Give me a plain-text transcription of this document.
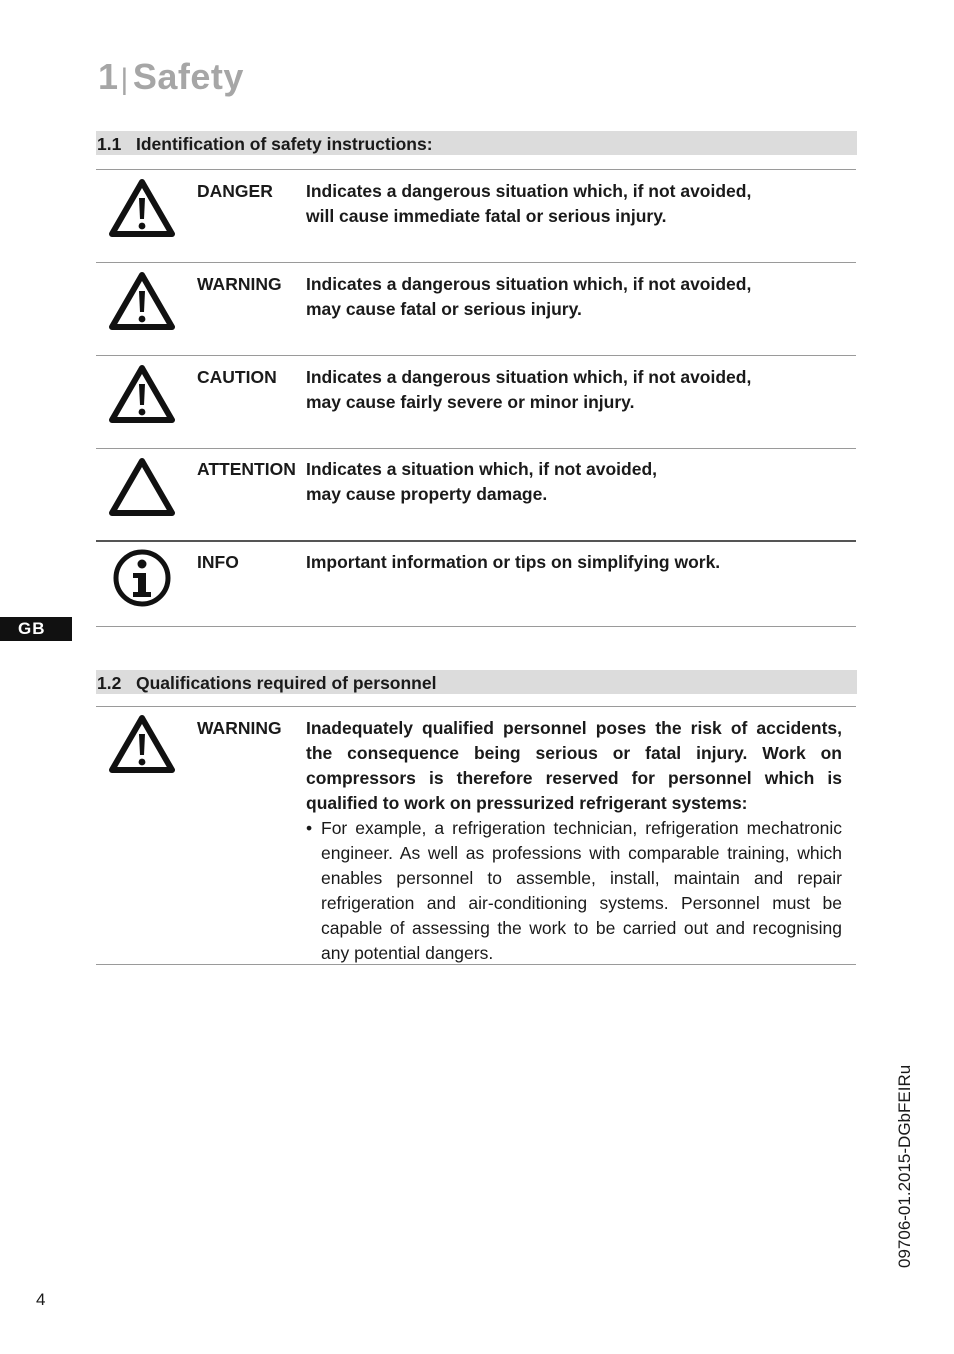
1| Safety
1.1 Identification of safety instructions:
DANGER Indicates a dangerous situation which, if not avoided,

will cause immediate fatal or serious injury.

WARNING Indicates a dangerous situation which, if not avoided,

may cause fatal or serious injury.

CAUTION Indicates a dangerous situation which, if not avoided,

may cause fairly severe or minor injury.

ATTENTION Indicates a situation which, if not avoided,

may cause property damage.

INFO	Important information or tips on simplifying work.

GB
1.2 Qualifications required of personnel
WARNING Inadequately qualified personnel poses the risk of accidents, the consequence being serious or fatal injury. Work on compressors is therefore reserved for personnel which is qualified to work on pressurized refrigerant systems:

• For example, a refrigeration technician, refrigeration mechatronic engineer. As well as professions with comparable training, which enables personnel to assemble, install, maintain and repair refrigeration and air-conditioning systems. Personnel must be capable of assessing the work to be carried out and recognising any potential dangers.

4
09706-01.2015-DGbFEIRu
